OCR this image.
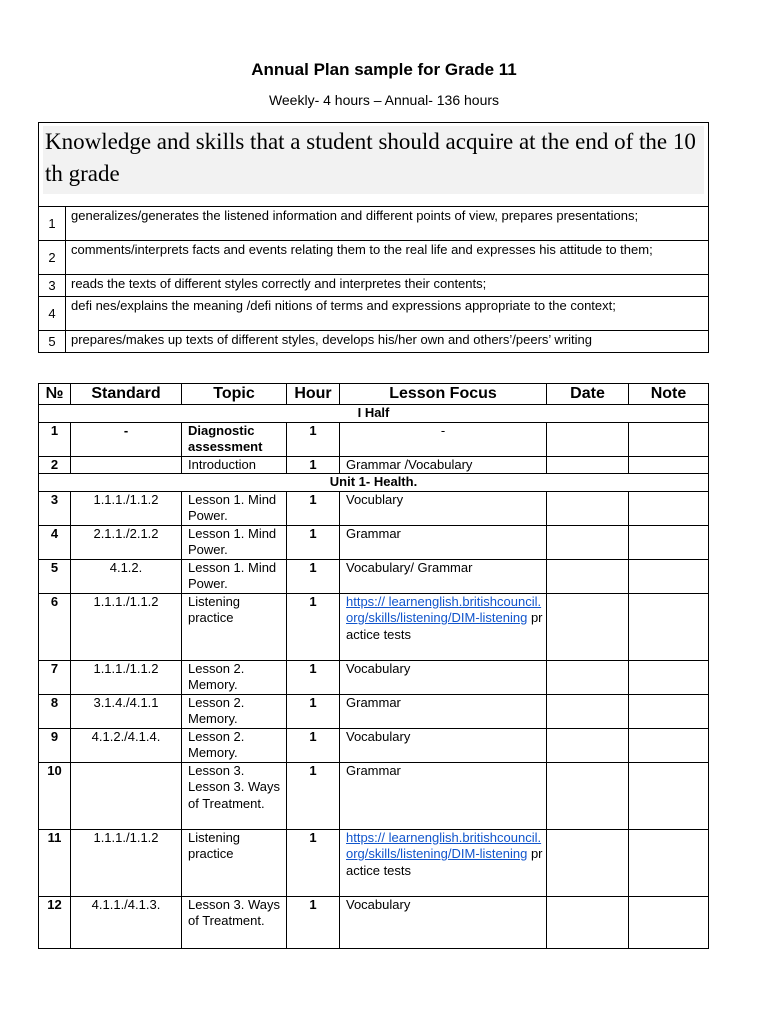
Annual Plan sample for Grade 11
Weekly- 4 hours – Annual- 136 hours
Knowledge and skills that a student should acquire at the end of the 10 th grade	

1	generalizes/generates the listened information and different points of view, prepares presentations;
2	comments/interprets facts and events relating them to the real life and expresses his attitude to them;
3	reads the texts of different styles correctly and interpretes their contents;
4	defi nes/explains the meaning /defi nitions of terms and expressions appropriate to the context;
5	prepares/makes up texts of different styles, develops his/her own and others’/peers’ writing
№	Standard	Topic	Hour	Lesson Focus	Date	Note
I Half						
1	-	Diagnostic assessment	1	-		
2		Introduction	1	Grammar /Vocabulary		
Unit 1- Health.						
3	1.1.1./1.1.2	Lesson 1. Mind Power.	1	Vocublary		
4	2.1.1./2.1.2	Lesson 1. Mind Power.	1	Grammar		
5	4.1.2.	Lesson 1. Mind Power.	1	Vocabulary/ Grammar		
6	1.1.1./1.1.2	Listening practice	1	https:// learnenglish.britishcouncil.org/skills/listening/DIM-listening practice tests		
7	1.1.1./1.1.2	Lesson 2. Memory.	1	Vocabulary		
8	3.1.4./4.1.1	Lesson 2. Memory.	1	Grammar		
9	4.1.2./4.1.4.	Lesson 2. Memory.	1	Vocabulary		
10		Lesson 3. Lesson 3. Ways of Treatment.	1	Grammar		
11	1.1.1./1.1.2	Listening practice	1	https:// learnenglish.britishcouncil.org/skills/listening/DIM-listening practice tests		
12	4.1.1./4.1.3.	Lesson 3. Ways of Treatment.	1	Vocabulary		
